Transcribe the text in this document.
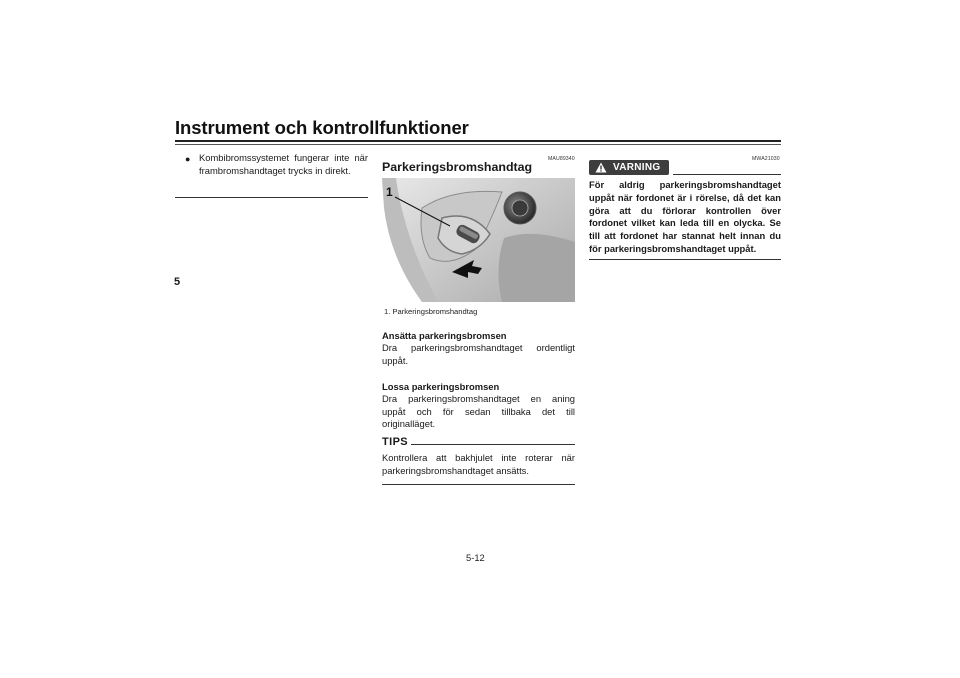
Instrument och kontrollfunktioner
5
● Kombibromssystemet fungerar inte när frambromshandtaget trycks in direkt.
MAU89340
Parkeringsbromshandtag
1
1. Parkeringsbromshandtag
Ansätta parkeringsbromsen
Dra parkeringsbromshandtaget ordentligt uppåt.
Lossa parkeringsbromsen
Dra parkeringsbromshandtaget en aning uppåt och för sedan tillbaka det till originalläget.
TIPS
Kontrollera att bakhjulet inte roterar när parkeringsbromshandtaget ansätts.
MWA21030
VARNING
För aldrig parkeringsbromshandtaget uppåt när fordonet är i rörelse, då det kan göra att du förlorar kontrollen över fordonet vilket kan leda till en olycka. Se till att fordonet har stannat helt innan du för parkeringsbromshandtaget uppåt.
5-12
